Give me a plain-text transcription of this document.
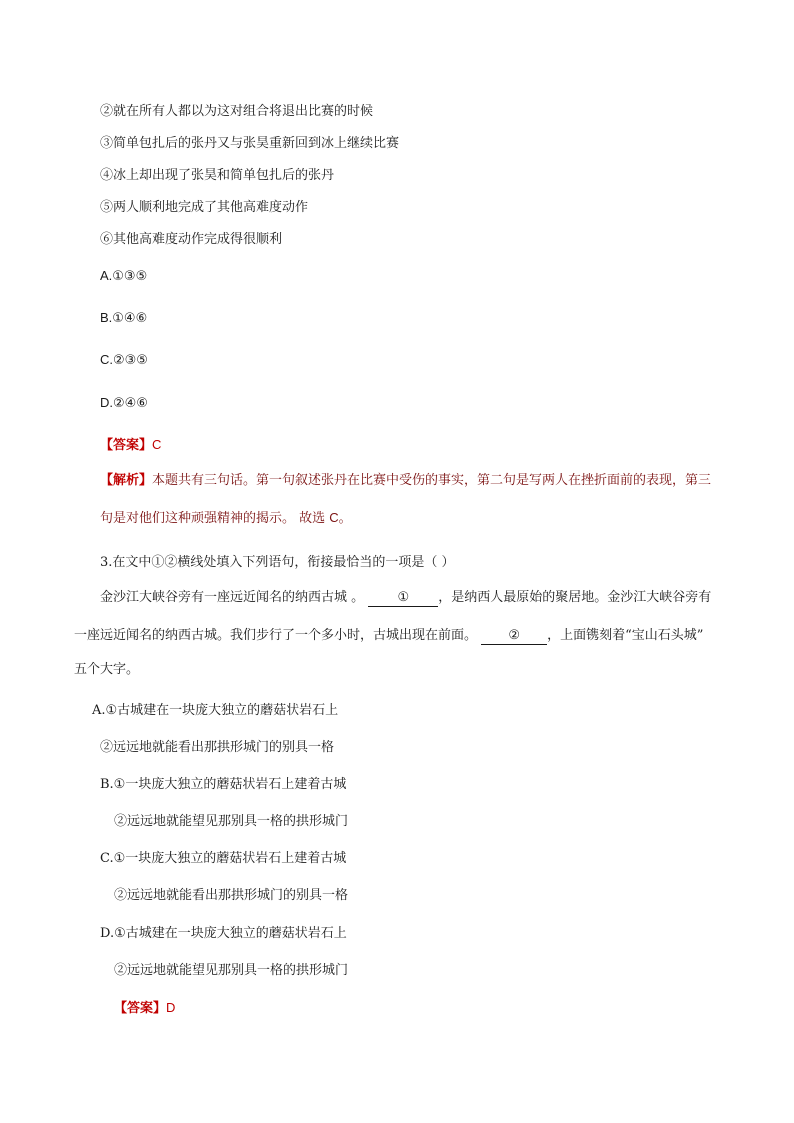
②就在所有人都以为这对组合将退出比赛的时候
③简单包扎后的张丹又与张昊重新回到冰上继续比赛
④冰上却出现了张昊和简单包扎后的张丹
⑤两人顺利地完成了其他高难度动作
⑥其他高难度动作完成得很顺利
A.①③⑤
B.①④⑥
C.②③⑤
D.②④⑥
【答案】C
【解析】本题共有三句话。第一句叙述张丹在比赛中受伤的事实，第二句是写两人在挫折面前的表现，第三
句是对他们这种顽强精神的揭示。 故选 C。
3.在文中①②横线处填入下列语句，衔接最恰当的一项是（ ）
金沙江大峡谷旁有一座远近闻名的纳西古城 。	① ，是纳西人最原始的聚居地。金沙江大峡谷旁有
一座远近闻名的纳西古城。我们步行了一个多小时，古城出现在前面。 ② ，上面镌刻着“宝山石头城”
五个大字。
A.①古城建在一块庞大独立的蘑菇状岩石上
②远远地就能看出那拱形城门的别具一格
B.①一块庞大独立的蘑菇状岩石上建着古城
②远远地就能望见那别具一格的拱形城门
C.①一块庞大独立的蘑菇状岩石上建着古城
②远远地就能看出那拱形城门的别具一格
D.①古城建在一块庞大独立的蘑菇状岩石上
②远远地就能望见那别具一格的拱形城门
【答案】D
